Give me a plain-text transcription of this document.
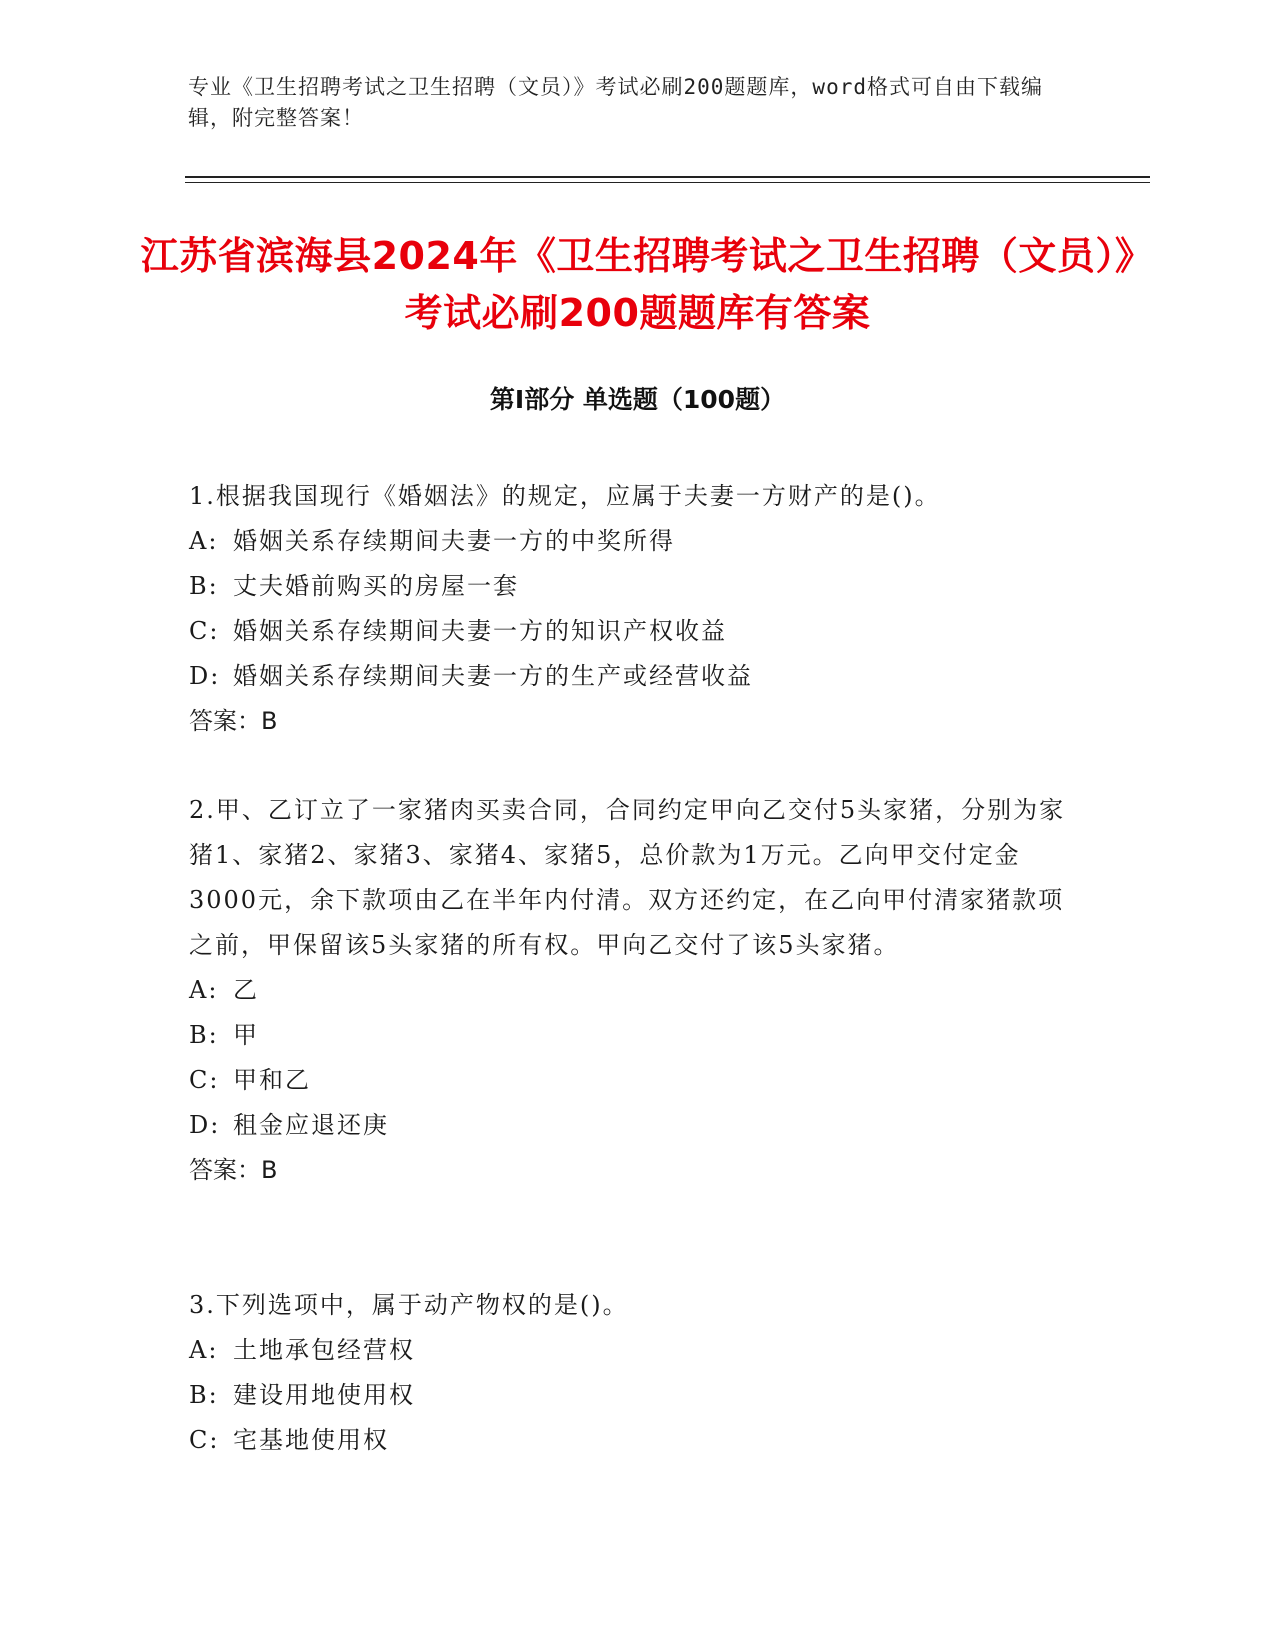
专业《卫生招聘考试之卫生招聘（文员）》考试必刷200题题库，word格式可自由下载编辑，附完整答案！
江苏省滨海县2024年《卫生招聘考试之卫生招聘（文员）》考试必刷200题题库有答案
第Ⅰ部分 单选题（100题）
1.根据我国现行《婚姻法》的规定，应属于夫妻一方财产的是()。
A: 婚姻关系存续期间夫妻一方的中奖所得
B: 丈夫婚前购买的房屋一套
C: 婚姻关系存续期间夫妻一方的知识产权收益
D: 婚姻关系存续期间夫妻一方的生产或经营收益
答案：B
2.甲、乙订立了一家猪肉买卖合同，合同约定甲向乙交付5头家猪，分别为家猪1、家猪2、家猪3、家猪4、家猪5，总价款为1万元。乙向甲交付定金3000元，余下款项由乙在半年内付清。双方还约定，在乙向甲付清家猪款项之前，甲保留该5头家猪的所有权。甲向乙交付了该5头家猪。
A: 乙
B: 甲
C: 甲和乙
D: 租金应退还庚
答案：B
3.下列选项中，属于动产物权的是()。
A: 土地承包经营权
B: 建设用地使用权
C: 宅基地使用权
